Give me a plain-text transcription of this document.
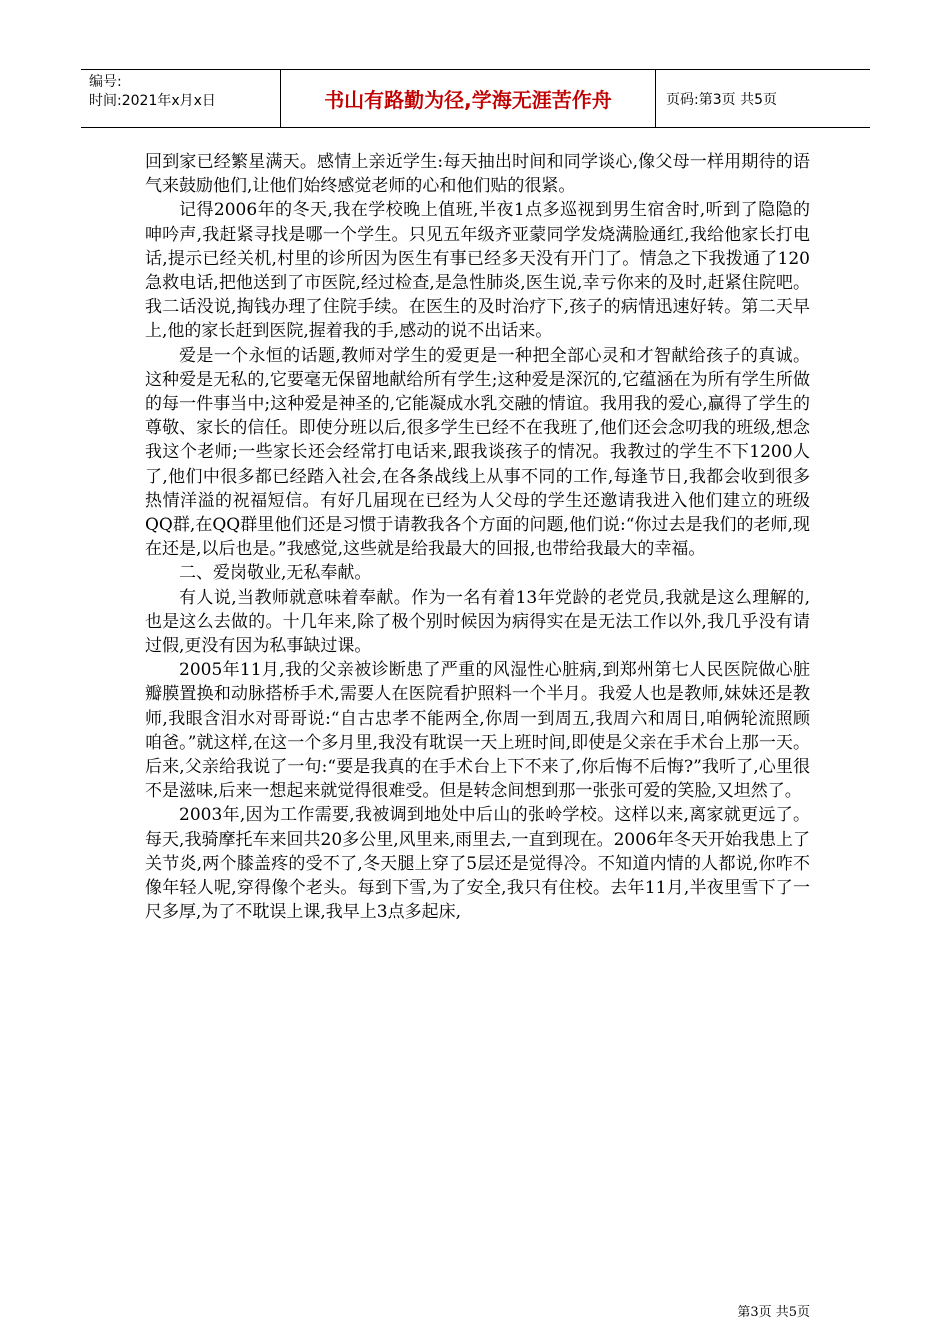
编号:
时间:2021年x月x日	书山有路勤为径,学海无涯苦作舟	页码:第3页 共5页

回到家已经繁星满天。感情上亲近学生:每天抽出时间和同学谈心,像父母一样用期待的语气来鼓励他们,让他们始终感觉老师的心和他们贴的很紧。

记得2006年的冬天,我在学校晚上值班,半夜1点多巡视到男生宿舍时,听到了隐隐的呻吟声,我赶紧寻找是哪一个学生。只见五年级齐亚蒙同学发烧满脸通红,我给他家长打电话,提示已经关机,村里的诊所因为医生有事已经多天没有开门了。情急之下我拨通了120急救电话,把他送到了市医院,经过检查,是急性肺炎,医生说,幸亏你来的及时,赶紧住院吧。我二话没说,掏钱办理了住院手续。在医生的及时治疗下,孩子的病情迅速好转。第二天早上,他的家长赶到医院,握着我的手,感动的说不出话来。

爱是一个永恒的话题,教师对学生的爱更是一种把全部心灵和才智献给孩子的真诚。这种爱是无私的,它要毫无保留地献给所有学生;这种爱是深沉的,它蕴涵在为所有学生所做的每一件事当中;这种爱是神圣的,它能凝成水乳交融的情谊。我用我的爱心,赢得了学生的尊敬、家长的信任。即使分班以后,很多学生已经不在我班了,他们还会念叨我的班级,想念我这个老师;一些家长还会经常打电话来,跟我谈孩子的情况。我教过的学生不下1200人了,他们中很多都已经踏入社会,在各条战线上从事不同的工作,每逢节日,我都会收到很多热情洋溢的祝福短信。有好几届现在已经为人父母的学生还邀请我进入他们建立的班级QQ群,在QQ群里他们还是习惯于请教我各个方面的问题,他们说:“你过去是我们的老师,现在还是,以后也是。”我感觉,这些就是给我最大的回报,也带给我最大的幸福。

二、爱岗敬业,无私奉献。

有人说,当教师就意味着奉献。作为一名有着13年党龄的老党员,我就是这么理解的,也是这么去做的。十几年来,除了极个别时候因为病得实在是无法工作以外,我几乎没有请过假,更没有因为私事缺过课。

2005年11月,我的父亲被诊断患了严重的风湿性心脏病,到郑州第七人民医院做心脏瓣膜置换和动脉搭桥手术,需要人在医院看护照料一个半月。我爱人也是教师,妹妹还是教师,我眼含泪水对哥哥说:“自古忠孝不能两全,你周一到周五,我周六和周日,咱俩轮流照顾咱爸。”就这样,在这一个多月里,我没有耽误一天上班时间,即使是父亲在手术台上那一天。后来,父亲给我说了一句:“要是我真的在手术台上下不来了,你后悔不后悔?”我听了,心里很不是滋味,后来一想起来就觉得很难受。但是转念间想到那一张张可爱的笑脸,又坦然了。

2003年,因为工作需要,我被调到地处中后山的张岭学校。这样以来,离家就更远了。每天,我骑摩托车来回共20多公里,风里来,雨里去,一直到现在。2006年冬天开始我患上了关节炎,两个膝盖疼的受不了,冬天腿上穿了5层还是觉得冷。不知道内情的人都说,你咋不像年轻人呢,穿得像个老头。每到下雪,为了安全,我只有住校。去年11月,半夜里雪下了一尺多厚,为了不耽误上课,我早上3点多起床,

第3页 共5页
